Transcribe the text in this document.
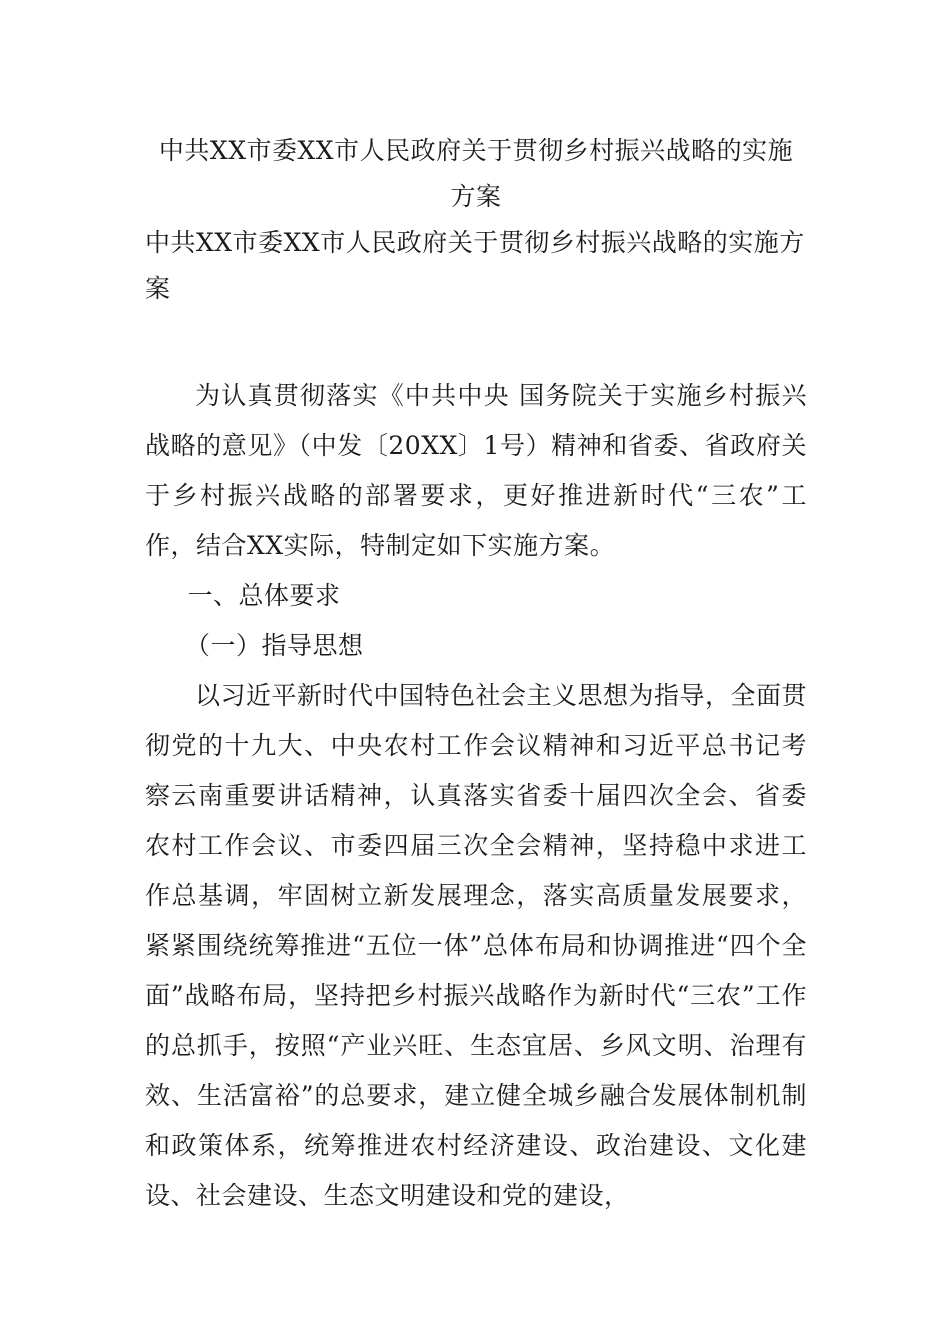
中共XX市委XX市人民政府关于贯彻乡村振兴战略的实施
方案
中共XX市委XX市人民政府关于贯彻乡村振兴战略的实施方案

为认真贯彻落实《中共中央 国务院关于实施乡村振兴战略的意见》（中发〔20XX〕1号）精神和省委、省政府关于乡村振兴战略的部署要求，更好推进新时代“三农”工作，结合XX实际，特制定如下实施方案。

一、总体要求

（一）指导思想

以习近平新时代中国特色社会主义思想为指导，全面贯彻党的十九大、中央农村工作会议精神和习近平总书记考察云南重要讲话精神，认真落实省委十届四次全会、省委农村工作会议、市委四届三次全会精神，坚持稳中求进工作总基调，牢固树立新发展理念，落实高质量发展要求，紧紧围绕统筹推进“五位一体”总体布局和协调推进“四个全面”战略布局，坚持把乡村振兴战略作为新时代“三农”工作的总抓手，按照“产业兴旺、生态宜居、乡风文明、治理有效、生活富裕”的总要求，建立健全城乡融合发展体制机制和政策体系，统筹推进农村经济建设、政治建设、文化建设、社会建设、生态文明建设和党的建设，
